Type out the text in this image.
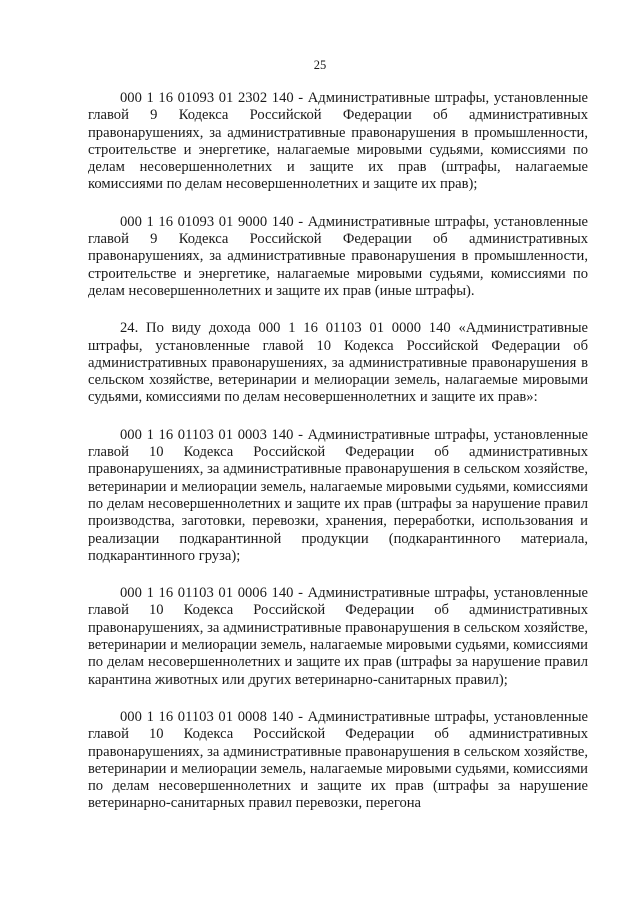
25

000 1 16 01093 01 2302 140 - Административные штрафы, установленные главой 9 Кодекса Российской Федерации об административных правонарушениях, за административные правонарушения в промышленности, строительстве и энергетике, налагаемые мировыми судьями, комиссиями по делам несовершеннолетних и защите их прав (штрафы, налагаемые комиссиями по делам несовершеннолетних и защите их прав);

000 1 16 01093 01 9000 140 - Административные штрафы, установленные главой 9 Кодекса Российской Федерации об административных правонарушениях, за административные правонарушения в промышленности, строительстве и энергетике, налагаемые мировыми судьями, комиссиями по делам несовершеннолетних и защите их прав (иные штрафы).

24. По виду дохода 000 1 16 01103 01 0000 140 «Административные штрафы, установленные главой 10 Кодекса Российской Федерации об административных правонарушениях, за административные правонарушения в сельском хозяйстве, ветеринарии и мелиорации земель, налагаемые мировыми судьями, комиссиями по делам несовершеннолетних и защите их прав»:

000 1 16 01103 01 0003 140 - Административные штрафы, установленные главой 10 Кодекса Российской Федерации об административных правонарушениях, за административные правонарушения в сельском хозяйстве, ветеринарии и мелиорации земель, налагаемые мировыми судьями, комиссиями по делам несовершеннолетних и защите их прав (штрафы за нарушение правил производства, заготовки, перевозки, хранения, переработки, использования и реализации подкарантинной продукции (подкарантинного материала, подкарантинного груза);

000 1 16 01103 01 0006 140 - Административные штрафы, установленные главой 10 Кодекса Российской Федерации об административных правонарушениях, за административные правонарушения в сельском хозяйстве, ветеринарии и мелиорации земель, налагаемые мировыми судьями, комиссиями по делам несовершеннолетних и защите их прав (штрафы за нарушение правил карантина животных или других ветеринарно-санитарных правил);

000 1 16 01103 01 0008 140 - Административные штрафы, установленные главой 10 Кодекса Российской Федерации об административных правонарушениях, за административные правонарушения в сельском хозяйстве, ветеринарии и мелиорации земель, налагаемые мировыми судьями, комиссиями по делам несовершеннолетних и защите их прав (штрафы за нарушение ветеринарно-санитарных правил перевозки, перегона
